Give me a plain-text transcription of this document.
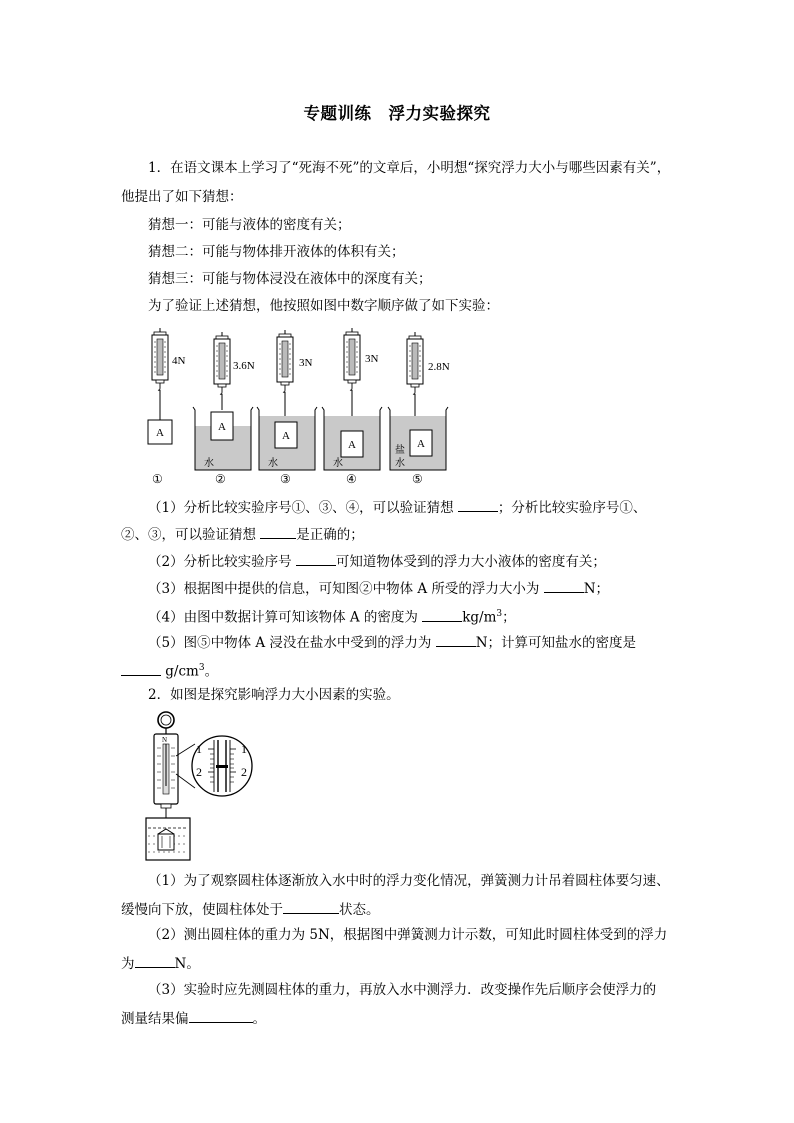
专题训练　浮力实验探究
1．在语文课本上学习了“死海不死”的文章后，小明想“探究浮力大小与哪些因素有关”，
他提出了如下猜想：
猜想一：可能与液体的密度有关；
猜想二：可能与物体排开液体的体积有关；
猜想三：可能与物体浸没在液体中的深度有关；
为了验证上述猜想，他按照如图中数字顺序做了如下实验：
4N
A
①
3.6N
A
水
②
3N
A
水
③
3N
A
水
④
2.8N
A
盐
水
⑤
（1）分析比较实验序号①、③、④，可以验证猜想	；分析比较实验序号①、
②、③，可以验证猜想	是正确的；
（2）分析比较实验序号	可知道物体受到的浮力大小液体的密度有关；
（3）根据图中提供的信息，可知图②中物体 A 所受的浮力大小为	N；
（4）由图中数据计算可知该物体 A 的密度为	$kg/m^3$；
（5）图⑤中物体 A 浸没在盐水中受到的浮力为	N；计算可知盐水的密度是
$g/cm^3$。
2．如图是探究影响浮力大小因素的实验。
N
1
2
1
2
（1）为了观察圆柱体逐渐放入水中时的浮力变化情况，弹簧测力计吊着圆柱体要匀速、
缓慢向下放，使圆柱体处于	状态。
（2）测出圆柱体的重力为 5N，根据图中弹簧测力计示数，可知此时圆柱体受到的浮力
为	N。
（3）实验时应先测圆柱体的重力，再放入水中测浮力．改变操作先后顺序会使浮力的
测量结果偏	。
